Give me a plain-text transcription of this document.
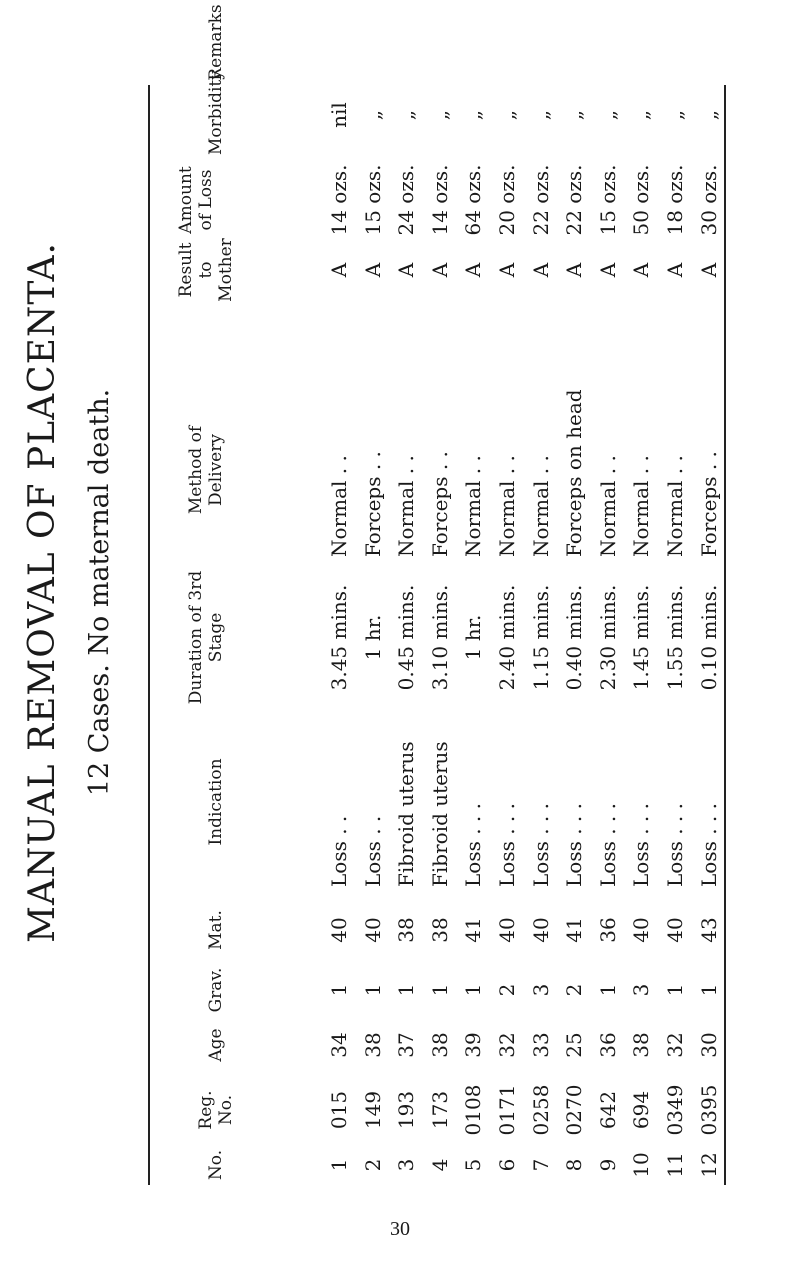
MANUAL REMOVAL OF PLACENTA. 12 Cases. No maternal death.
No.
Reg. No.
Age
Grav.
Mat.
Indication
Duration of 3rd Stage
Method of Delivery
Result to Mother
Amount of Loss
Morbidity
Remarks
1
015
34
1
40
Loss . .
3.45 mins.
Normal . .
A
14 ozs.
nil
2
149
38
1
40
Loss . .
1 hr.
Forceps . .
A
15 ozs.
„
3
193
37
1
38
Fibroid uterus
0.45 mins.
Normal . .
A
24 ozs.
„
4
173
38
1
38
Fibroid uterus
3.10 mins.
Forceps . .
A
14 ozs.
„
5
0108
39
1
41
Loss . . .
1 hr.
Normal . .
A
64 ozs.
„
6
0171
32
2
40
Loss . . .
2.40 mins.
Normal . .
A
20 ozs.
„
7
0258
33
3
40
Loss . . .
1.15 mins.
Normal . .
A
22 ozs.
„
8
0270
25
2
41
Loss . . .
0.40 mins.
Forceps on head
A
22 ozs.
„
9
642
36
1
36
Loss . . .
2.30 mins.
Normal . .
A
15 ozs.
„
10
694
38
3
40
Loss . . .
1.45 mins.
Normal . .
A
50 ozs.
„
11
0349
32
1
40
Loss . . .
1.55 mins.
Normal . .
A
18 ozs.
„
12
0395
30
1
43
Loss . . .
0.10 mins.
Forceps . .
A
30 ozs.
„
30
